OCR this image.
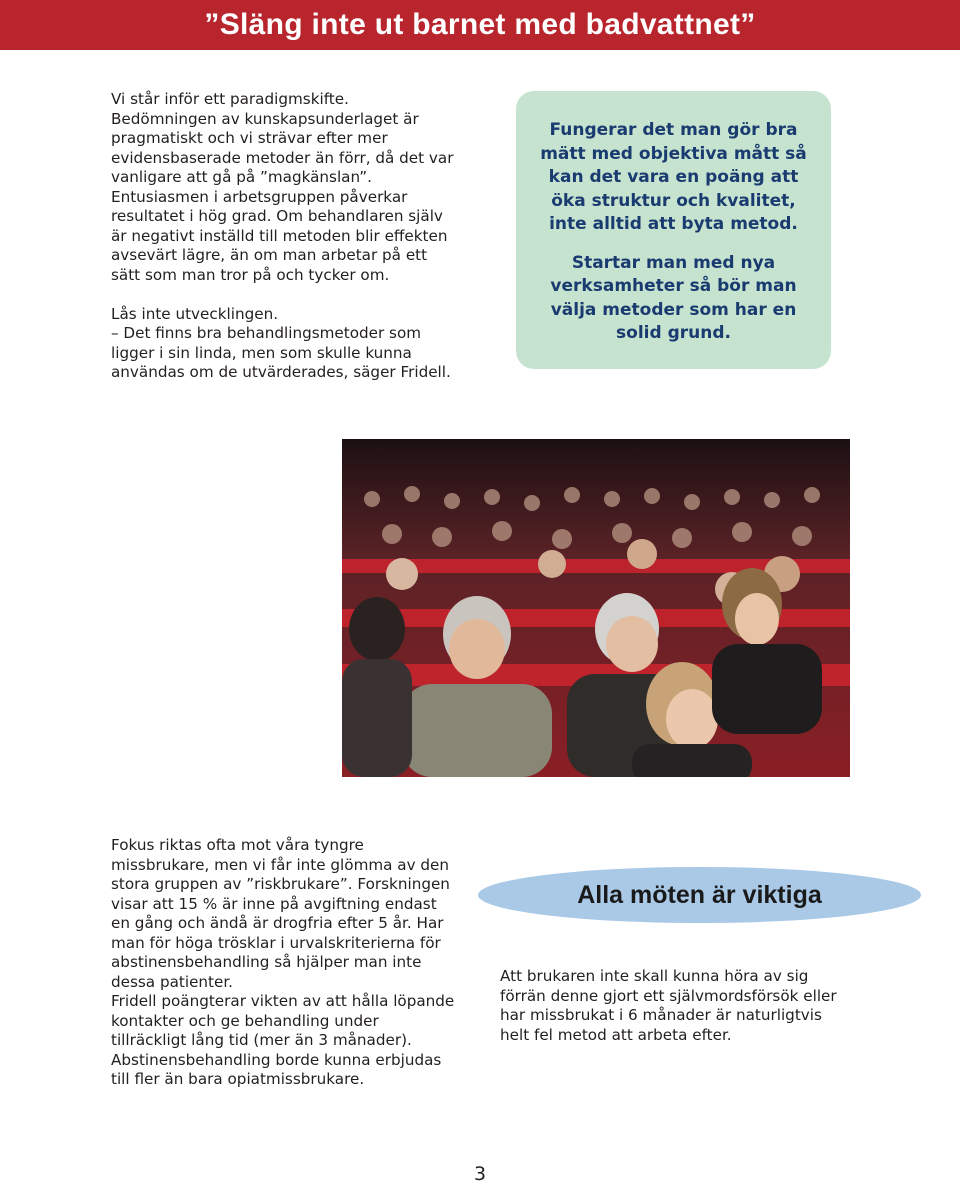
”Släng inte ut barnet med badvattnet”

Vi står inför ett paradigmskifte. Bedömningen av kunskapsunderlaget är pragmatiskt och vi strävar efter mer evidensbaserade metoder än förr, då det var vanligare att gå på ”magkänslan”. Entusiasmen i arbetsgruppen påverkar resultatet i hög grad. Om behandlaren själv är negativt inställd till metoden blir effekten avsevärt lägre, än om man arbetar på ett sätt som man tror på och tycker om.

Lås inte utvecklingen.

– Det finns bra behandlingsmetoder som ligger i sin linda, men som skulle kunna användas om de utvärderades, säger Fridell.

Fungerar det man gör bra mätt med objektiva mått så kan det vara en poäng att öka struktur och kvalitet, inte alltid att byta metod.

Startar man med nya verksamheter så bör man välja metoder som har en solid grund.

Fokus riktas ofta mot våra tyngre missbrukare, men vi får inte glömma av den stora gruppen av ”riskbrukare”. Forskningen visar att 15 % är inne på avgiftning endast en gång och ändå är drogfria efter 5 år. Har man för höga trösklar i urvalskriterierna för abstinensbehandling så hjälper man inte dessa patienter.

Fridell poängterar vikten av att hålla löpande kontakter och ge behandling under tillräckligt lång tid (mer än 3 månader). Abstinensbehandling borde kunna erbjudas till fler än bara opiatmissbrukare.

Alla möten är viktiga

Att brukaren inte skall kunna höra av sig förrän denne gjort ett självmordsförsök eller har missbrukat i 6 månader är naturligtvis helt fel metod att arbeta efter.

3
